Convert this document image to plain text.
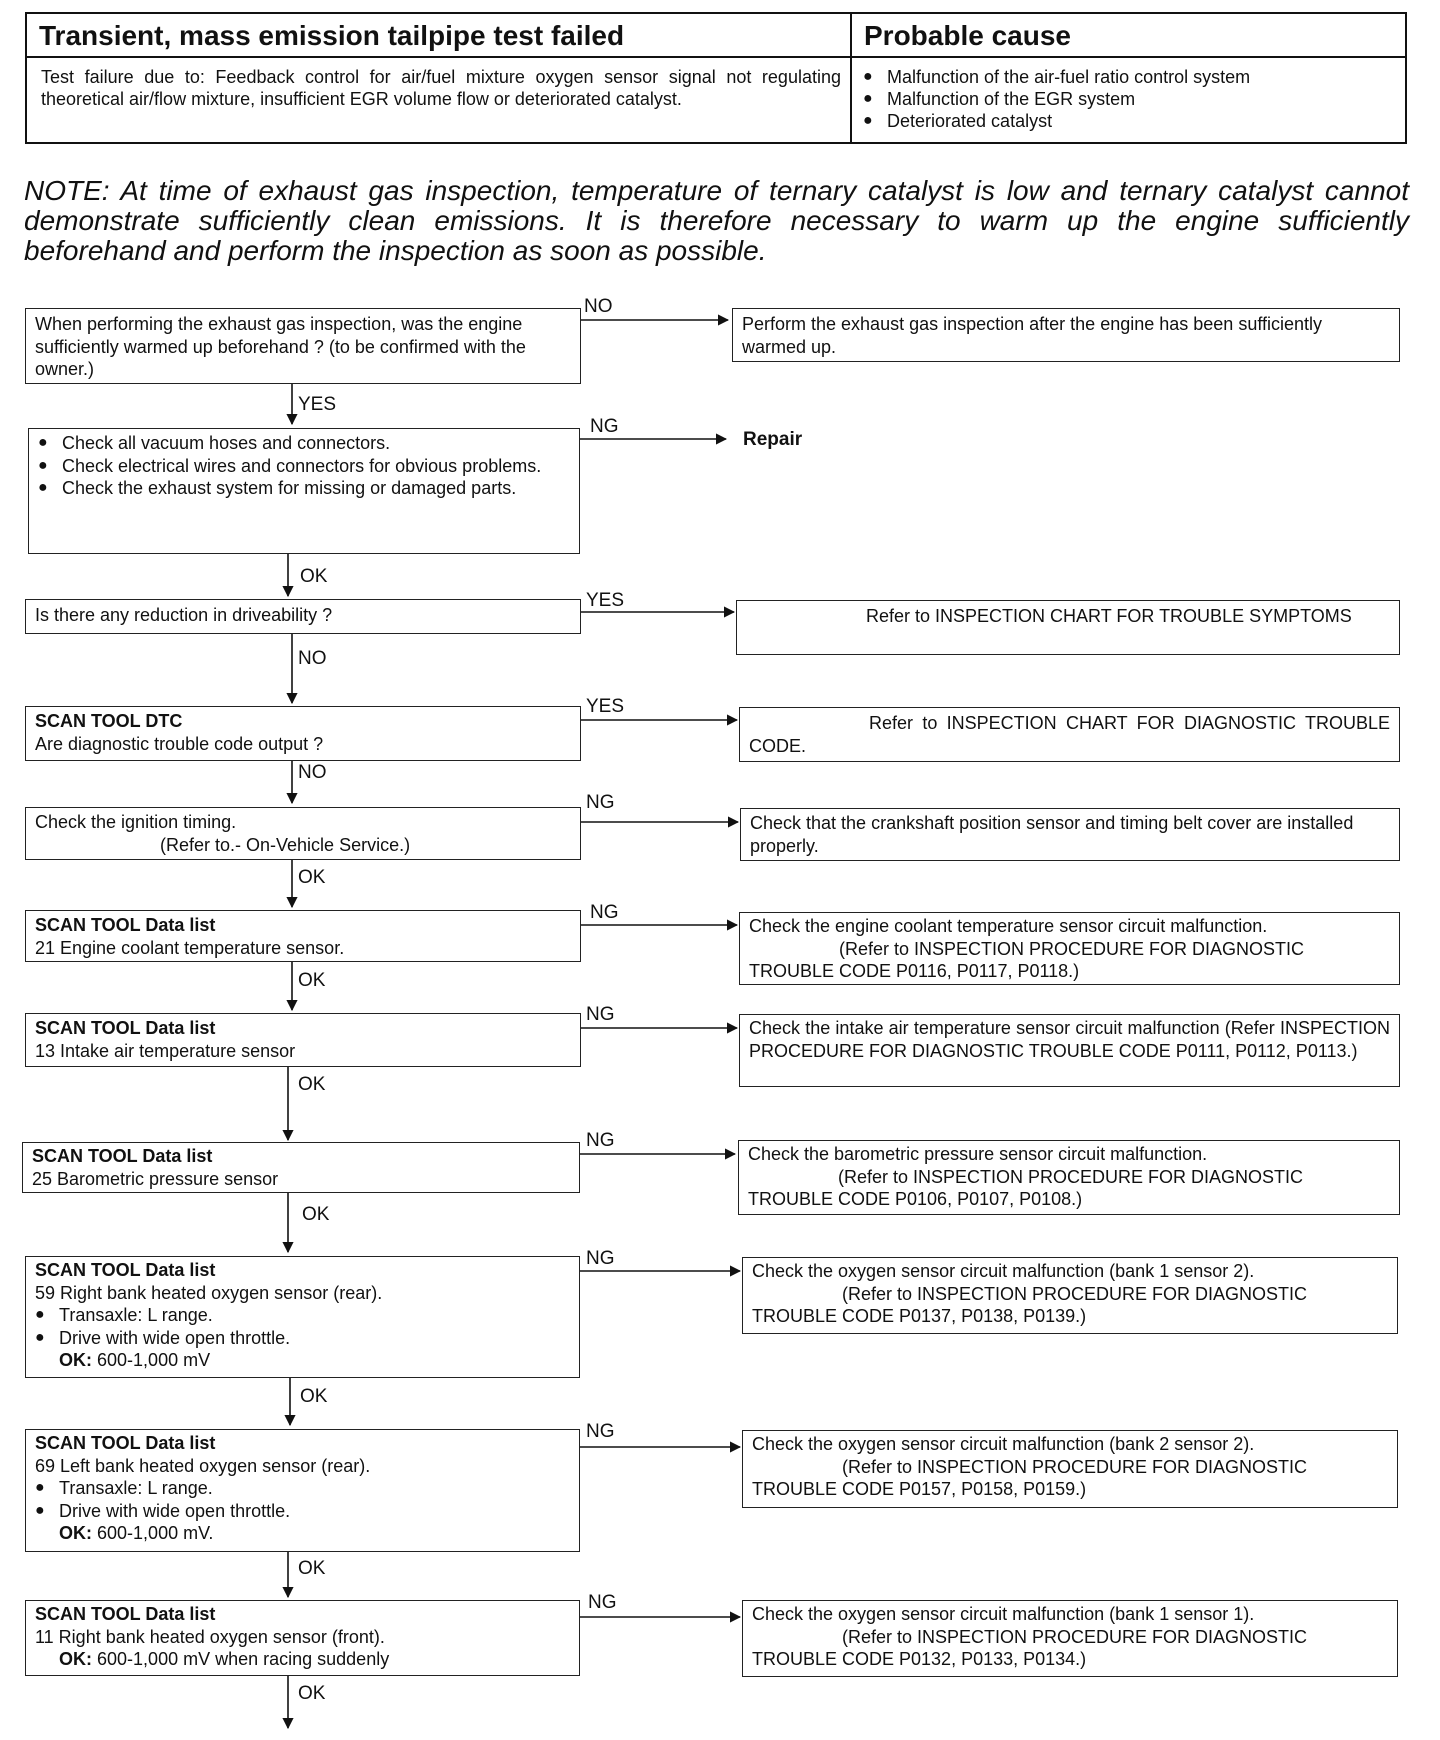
Transient, mass emission tailpipe test failed	Probable cause
Test failure due to: Feedback control for air/fuel mixture oxygen sensor signal not regulating theoretical air/flow mixture, insufficient EGR volume flow or deteriorated catalyst.
● Malfunction of the air-fuel ratio control system
● Malfunction of the EGR system
● Deteriorated catalyst
NOTE: At time of exhaust gas inspection, temperature of ternary catalyst is low and ternary catalyst cannot demonstrate sufficiently clean emissions. It is therefore necessary to warm up the engine sufficiently beforehand and perform the inspection as soon as possible.
When performing the exhaust gas inspection, was the engine sufficiently warmed up beforehand ? (to be confirmed with the owner.)
NO
YES
Perform the exhaust gas inspection after the engine has been sufficiently warmed up.
● Check all vacuum hoses and connectors.
● Check electrical wires and connectors for obvious problems.
● Check the exhaust system for missing or damaged parts.
NG
OK
Repair
Is there any reduction in driveability ?
YES
NO
Refer to INSPECTION CHART FOR TROUBLE SYMPTOMS
SCAN TOOL DTC
Are diagnostic trouble code output ?
YES
NO
Refer to INSPECTION CHART FOR DIAGNOSTIC TROUBLE CODE.
Check the ignition timing.
(Refer to.- On-Vehicle Service.)
NG
OK
Check that the crankshaft position sensor and timing belt cover are installed properly.
SCAN TOOL Data list
21 Engine coolant temperature sensor.
NG
OK
Check the engine coolant temperature sensor circuit malfunction.
(Refer to INSPECTION PROCEDURE FOR DIAGNOSTIC TROUBLE CODE P0116, P0117, P0118.)
SCAN TOOL Data list
13 Intake air temperature sensor
NG
OK
Check the intake air temperature sensor circuit malfunction (Refer INSPECTION PROCEDURE FOR DIAGNOSTIC TROUBLE CODE P0111, P0112, P0113.)
SCAN TOOL Data list
25 Barometric pressure sensor
NG
OK
Check the barometric pressure sensor circuit malfunction.
(Refer to INSPECTION PROCEDURE FOR DIAGNOSTIC TROUBLE CODE P0106, P0107, P0108.)
SCAN TOOL Data list
59 Right bank heated oxygen sensor (rear).
● Transaxle: L range.
● Drive with wide open throttle.
OK: 600-1,000 mV
NG
OK
Check the oxygen sensor circuit malfunction (bank 1 sensor 2).
(Refer to INSPECTION PROCEDURE FOR DIAGNOSTIC TROUBLE CODE P0137, P0138, P0139.)
SCAN TOOL Data list
69 Left bank heated oxygen sensor (rear).
● Transaxle: L range.
● Drive with wide open throttle.
OK: 600-1,000 mV.
NG
OK
Check the oxygen sensor circuit malfunction (bank 2 sensor 2).
(Refer to INSPECTION PROCEDURE FOR DIAGNOSTIC TROUBLE CODE P0157, P0158, P0159.)
SCAN TOOL Data list
11 Right bank heated oxygen sensor (front).
OK: 600-1,000 mV when racing suddenly
NG
OK
Check the oxygen sensor circuit malfunction (bank 1 sensor 1).
(Refer to INSPECTION PROCEDURE FOR DIAGNOSTIC TROUBLE CODE P0132, P0133, P0134.)
